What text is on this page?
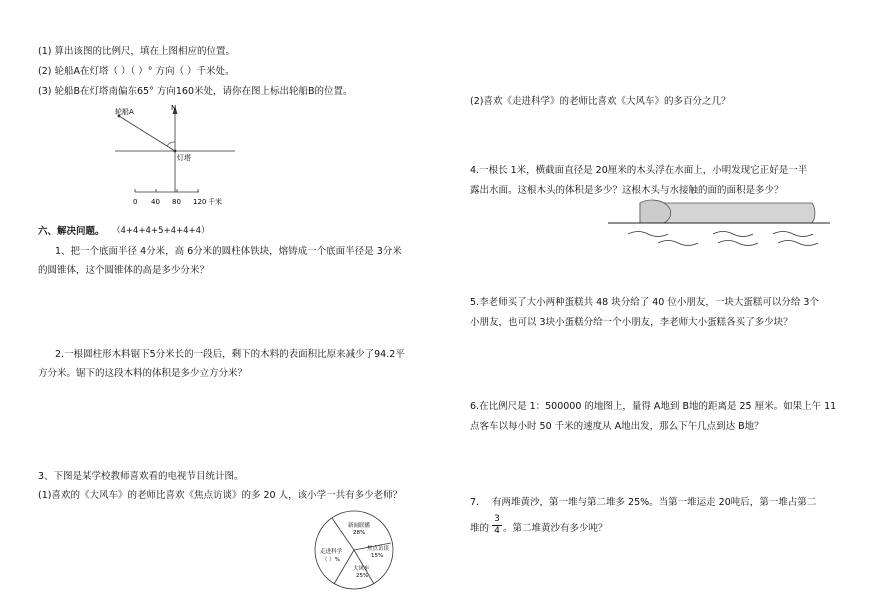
(1) 算出该图的比例尺，填在上图相应的位置。
(2) 轮船A在灯塔（ ）（ ）° 方向（ ）千米处。
(3) 轮船B在灯塔南偏东65° 方向160米处，请你在图上标出轮船B的位置。
N
轮船A
灯塔
0 40 80 120 千米
六、解决问题。 （4+4+4+5+4+4+4）
1、把一个底面半径 4分米，高 6分米的圆柱体铁块，熔铸成一个底面半径是 3分米
的圆锥体，这个圆锥体的高是多少分米？
2.一根圆柱形木料锯下5分米长的一段后，剩下的木料的表面积比原来减少了94.2平
方分米。锯下的这段木料的体积是多少立方分米？
3、下图是某学校教师喜欢看的电视节目统计图。
(1)喜欢的《大风车》的老师比喜欢《焦点访谈》的多 20 人，该小学一共有多少老师？
新闻联播
28%
焦点访谈
15%
大风车
25%
走进科学
（ ）%
(2)喜欢《走进科学》的老师比喜欢《大风车》的多百分之几？
4.一根长 1米，横截面直径是 20厘米的木头浮在水面上，小明发现它正好是一半
露出水面。这根木头的体积是多少？这根木头与水接触的面的面积是多少？
5.李老师买了大小两种蛋糕共 48 块分给了 40 位小朋友，一块大蛋糕可以分给 3个
小朋友，也可以 3块小蛋糕分给一个小朋友，李老师大小蛋糕各买了多少块？
6.在比例尺是 1：500000 的地图上，量得 A地到 B地的距离是 25 厘米。如果上午 11
点客车以每小时 50 千米的速度从 A地出发，那么下午几点到达 B地？
7. 有两堆黄沙，第一堆与第二堆多 25%。当第一堆运走 20吨后，第一堆占第二
堆的
3
4 。第二堆黄沙有多少吨？
